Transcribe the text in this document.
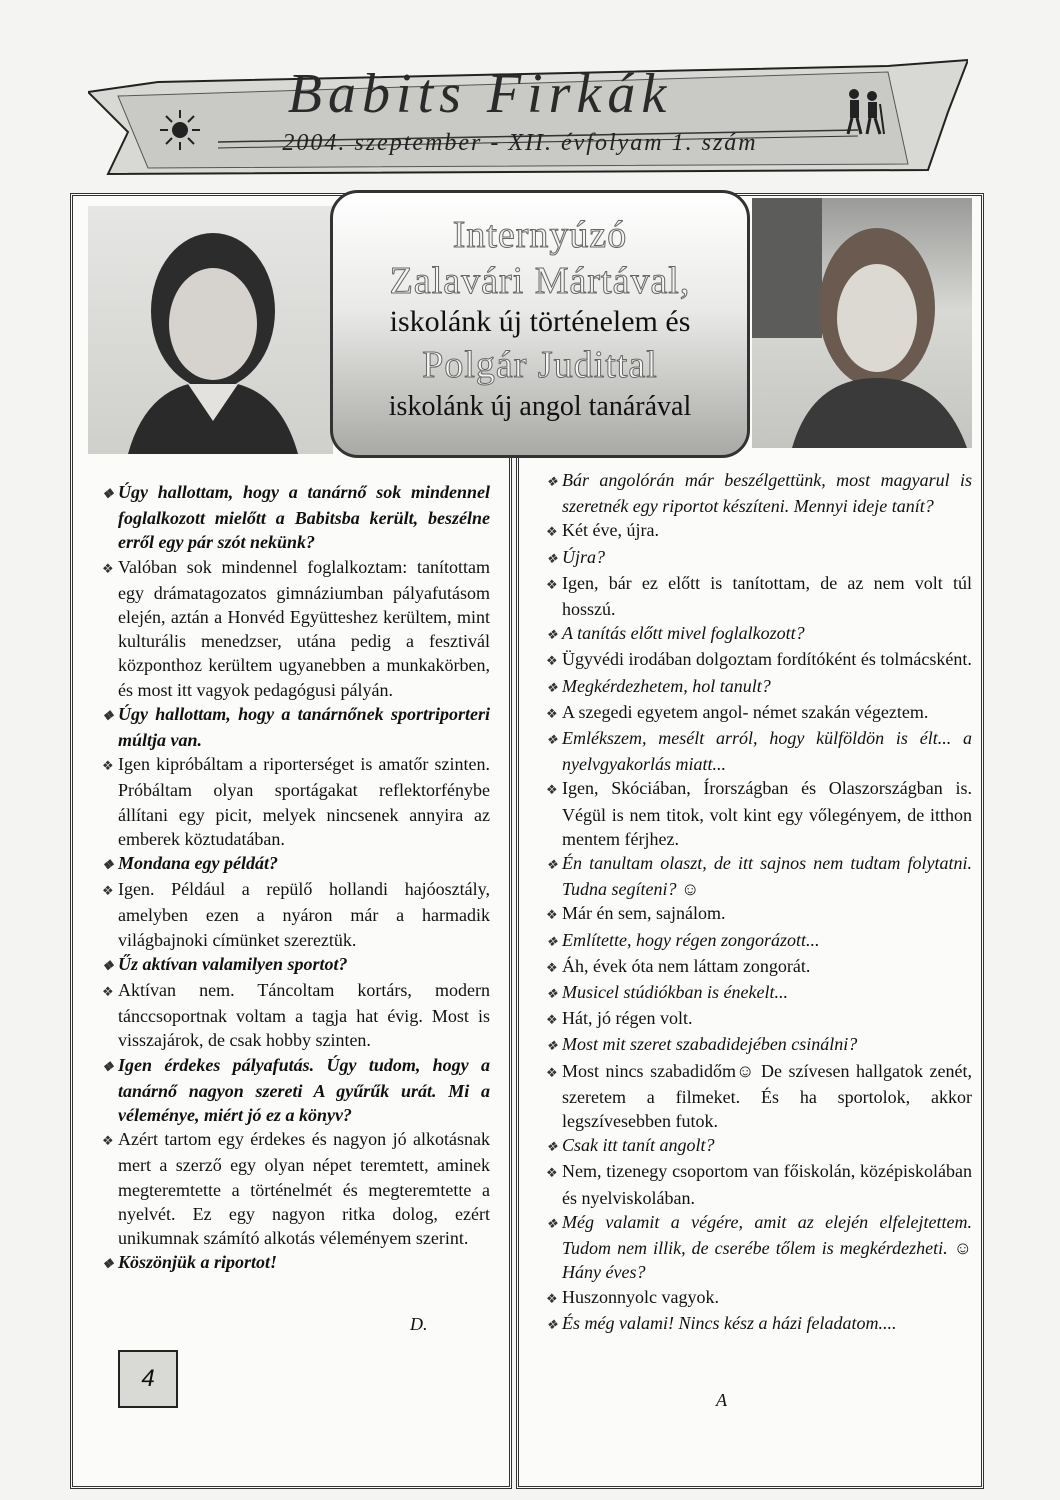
Babits Firkák
2004. szeptember - XII. évfolyam 1. szám
Internyúzó
Zalavári Mártával,
iskolánk új történelem és
Polgár Judittal
iskolánk új angol tanárával

❖ Úgy hallottam, hogy a tanárnő sok mindennel foglalkozott mielőtt a Babitsba került, beszélne erről egy pár szót nekünk?

❖ Valóban sok mindennel foglalkoztam: tanítottam egy drámatagozatos gimnáziumban pályafutásom elején, aztán a Honvéd Együtteshez kerültem, mint kulturális menedzser, utána pedig a fesztivál központhoz kerültem ugyanebben a munkakörben, és most itt vagyok pedagógusi pályán.

❖ Úgy hallottam, hogy a tanárnőnek sportriporteri múltja van.

❖ Igen kipróbáltam a riporterséget is amatőr szinten. Próbáltam olyan sportágakat reflektorfénybe állítani egy picit, melyek nincsenek annyira az emberek köztudatában.

❖ Mondana egy példát?

❖ Igen. Például a repülő hollandi hajóosztály, amelyben ezen a nyáron már a harmadik világbajnoki címünket szereztük.

❖ Űz aktívan valamilyen sportot?

❖ Aktívan nem. Táncoltam kortárs, modern tánccsoportnak voltam a tagja hat évig. Most is visszajárok, de csak hobby szinten.

❖ Igen érdekes pályafutás. Úgy tudom, hogy a tanárnő nagyon szereti A gyűrűk urát. Mi a véleménye, miért jó ez a könyv?

❖ Azért tartom egy érdekes és nagyon jó alkotásnak mert a szerző egy olyan népet teremtett, aminek megteremtette a történelmét és megteremtette a nyelvét. Ez egy nagyon ritka dolog, ezért unikumnak számító alkotás véleményem szerint.

❖ Köszönjük a riportot!

D.

❖ Bár angolórán már beszélgettünk, most magyarul is szeretnék egy riportot készíteni. Mennyi ideje tanít?

❖ Két éve, újra.

❖ Újra?

❖ Igen, bár ez előtt is tanítottam, de az nem volt túl hosszú.

❖ A tanítás előtt mivel foglalkozott?

❖ Ügyvédi irodában dolgoztam fordítóként és tolmácsként.

❖ Megkérdezhetem, hol tanult?

❖ A szegedi egyetem angol- német szakán végeztem.

❖ Emlékszem, mesélt arról, hogy külföldön is élt... a nyelvgyakorlás miatt...

❖ Igen, Skóciában, Írországban és Olaszországban is. Végül is nem titok, volt kint egy vőlegényem, de itthon mentem férjhez.

❖ Én tanultam olaszt, de itt sajnos nem tudtam folytatni. Tudna segíteni? ☺

❖ Már én sem, sajnálom.

❖ Említette, hogy régen zongorázott...

❖ Áh, évek óta nem láttam zongorát.

❖ Musicel stúdiókban is énekelt...

❖ Hát, jó régen volt.

❖ Most mit szeret szabadidejében csinálni?

❖ Most nincs szabadidőm☺ De szívesen hallgatok zenét, szeretem a filmeket. És ha sportolok, akkor legszívesebben futok.

❖ Csak itt tanít angolt?

❖ Nem, tizenegy csoportom van főiskolán, középiskolában és nyelviskolában.

❖ Még valamit a végére, amit az elején elfelejtettem. Tudom nem illik, de cserébe tőlem is megkérdezheti. ☺Hány éves?

❖ Huszonnyolc vagyok.

❖ És még valami! Nincs kész a házi feladatom....

A
4
